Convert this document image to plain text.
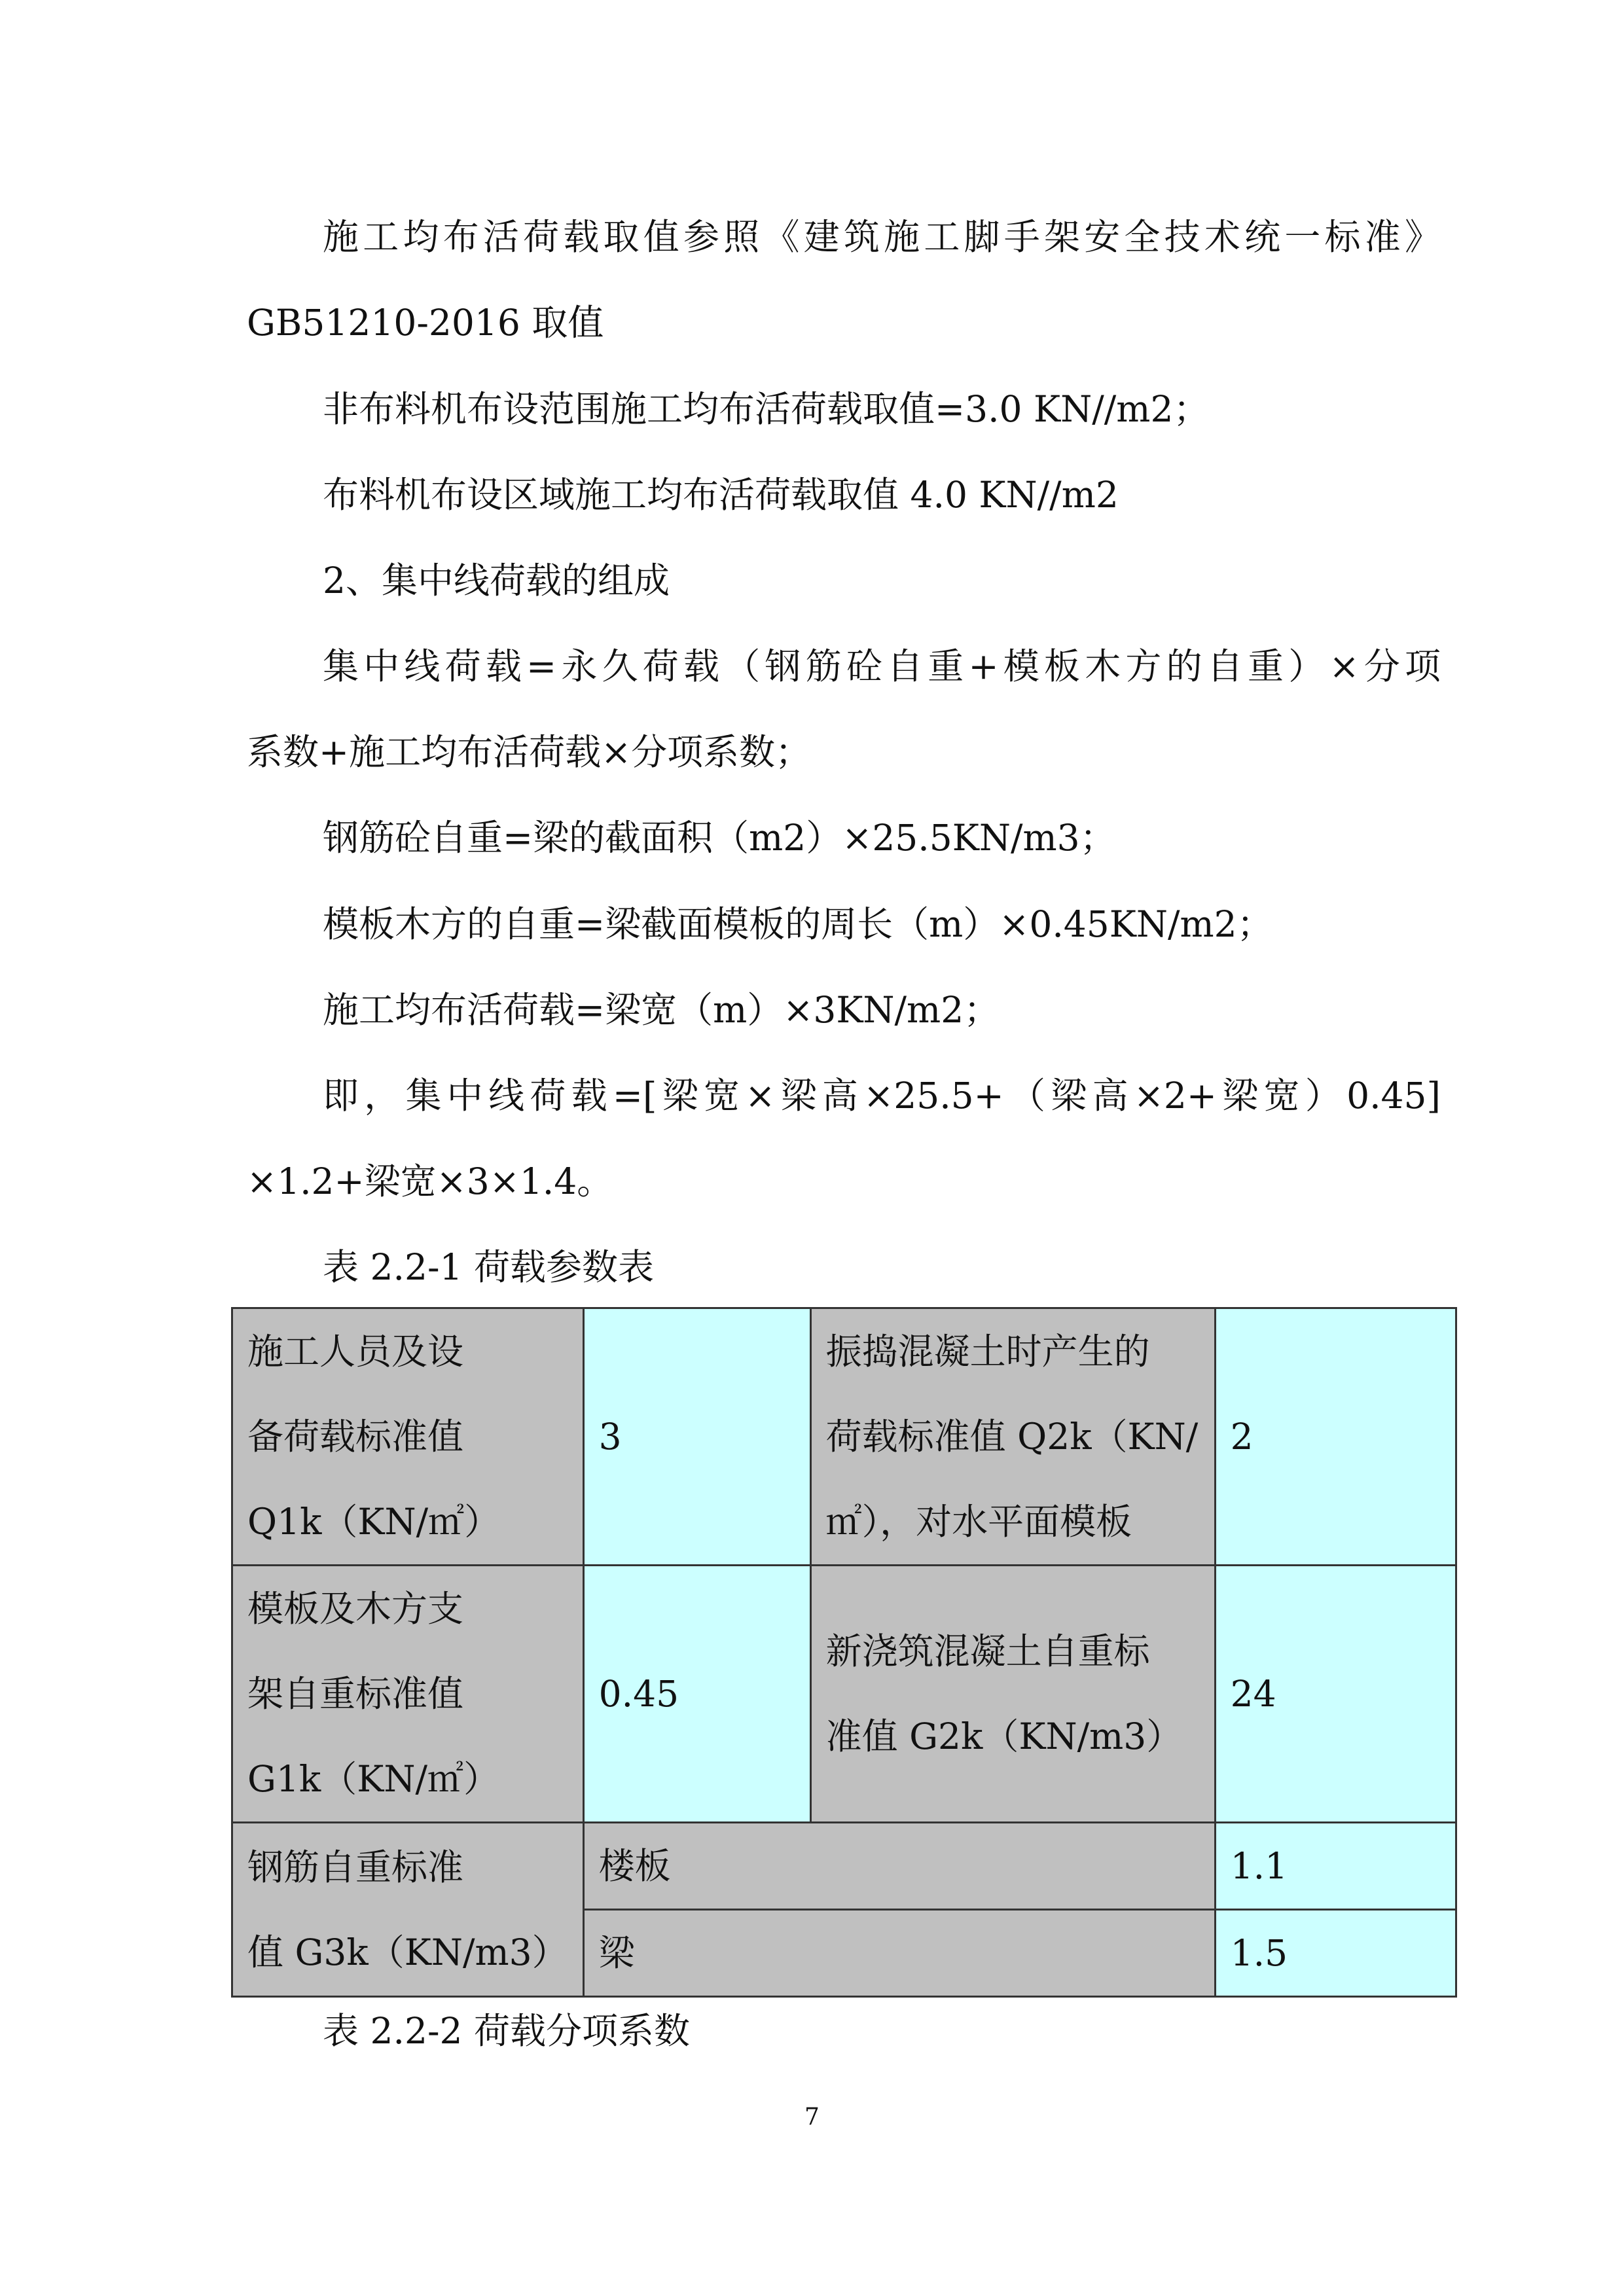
施工均布活荷载取值参照《建筑施工脚手架安全技术统一标准》

GB51210-2016 取值

非布料机布设范围施工均布活荷载取值=3.0 KN//m2；

布料机布设区域施工均布活荷载取值 4.0 KN//m2

2、集中线荷载的组成

集中线荷载=永久荷载（钢筋砼自重+模板木方的自重）×分项

系数+施工均布活荷载×分项系数；

钢筋砼自重=梁的截面积（m2）×25.5KN/m3；

模板木方的自重=梁截面模板的周长（m）×0.45KN/m2；

施工均布活荷载=梁宽（m）×3KN/m2；

即，集中线荷载=[梁宽×梁高×25.5+（梁高×2+梁宽）0.45]

×1.2+梁宽×3×1.4。

表 2.2-1 荷载参数表

施工人员及设
备荷载标准值
Q1k（KN/㎡）	3	振捣混凝土时产生的
荷载标准值 Q2k（KN/
㎡），对水平面模板	2

模板及木方支
架自重标准值
G1k（KN/㎡）	0.45	新浇筑混凝土自重标
准值 G2k（KN/m3）	24

钢筋自重标准
值 G3k（KN/m3）	楼板		1.1
	梁		1.5

表 2.2-2 荷载分项系数

7
